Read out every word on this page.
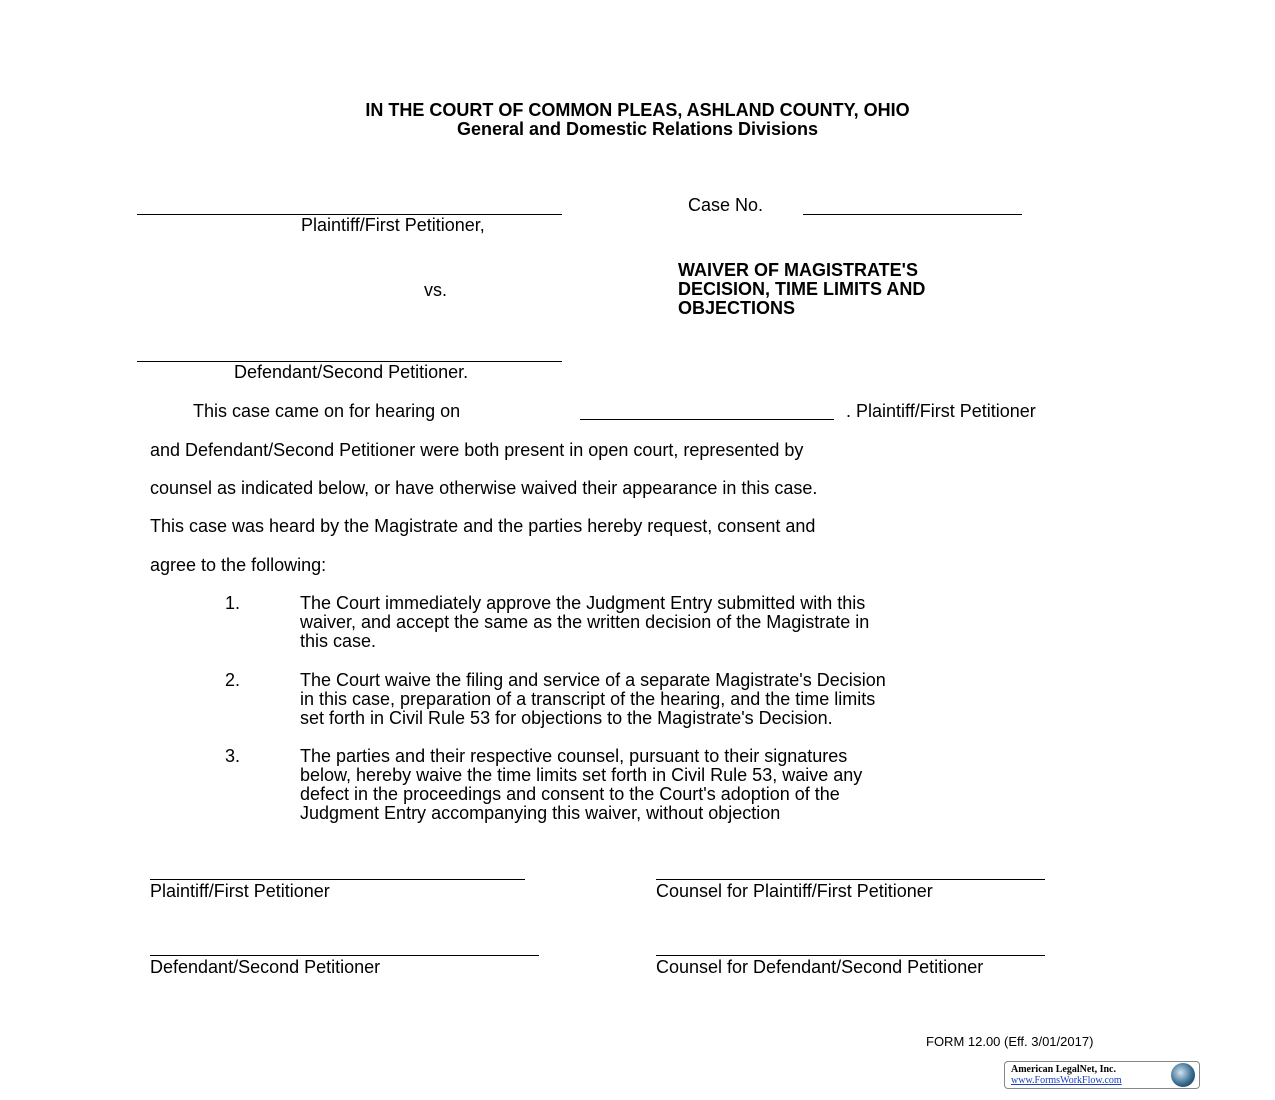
IN THE COURT OF COMMON PLEAS, ASHLAND COUNTY, OHIO
General and Domestic Relations Divisions
Plaintiff/First Petitioner,
vs.
Defendant/Second Petitioner.
Case No.
WAIVER OF MAGISTRATE'S
DECISION, TIME LIMITS AND
OBJECTIONS
This case came on for hearing on	. Plaintiff/First Petitioner
and Defendant/Second Petitioner were both present in open court, represented by
counsel as indicated below, or have otherwise waived their appearance in this case.
This case was heard by the Magistrate and the parties hereby request, consent and
agree to the following:
1.	The Court immediately approve the Judgment Entry submitted with this
waiver, and accept the same as the written decision of the Magistrate in
this case.
2.	The Court waive the filing and service of a separate Magistrate's Decision
in this case, preparation of a transcript of the hearing, and the time limits
set forth in Civil Rule 53 for objections to the Magistrate's Decision.
3.	The parties and their respective counsel, pursuant to their signatures
below, hereby waive the time limits set forth in Civil Rule 53, waive any
defect in the proceedings and consent to the Court's adoption of the
Judgment Entry accompanying this waiver, without objection
Plaintiff/First Petitioner	Counsel for Plaintiff/First Petitioner
Defendant/Second Petitioner	Counsel for Defendant/Second Petitioner
FORM 12.00 (Eff. 3/01/2017)
American LegalNet, Inc.
www.FormsWorkFlow.com
